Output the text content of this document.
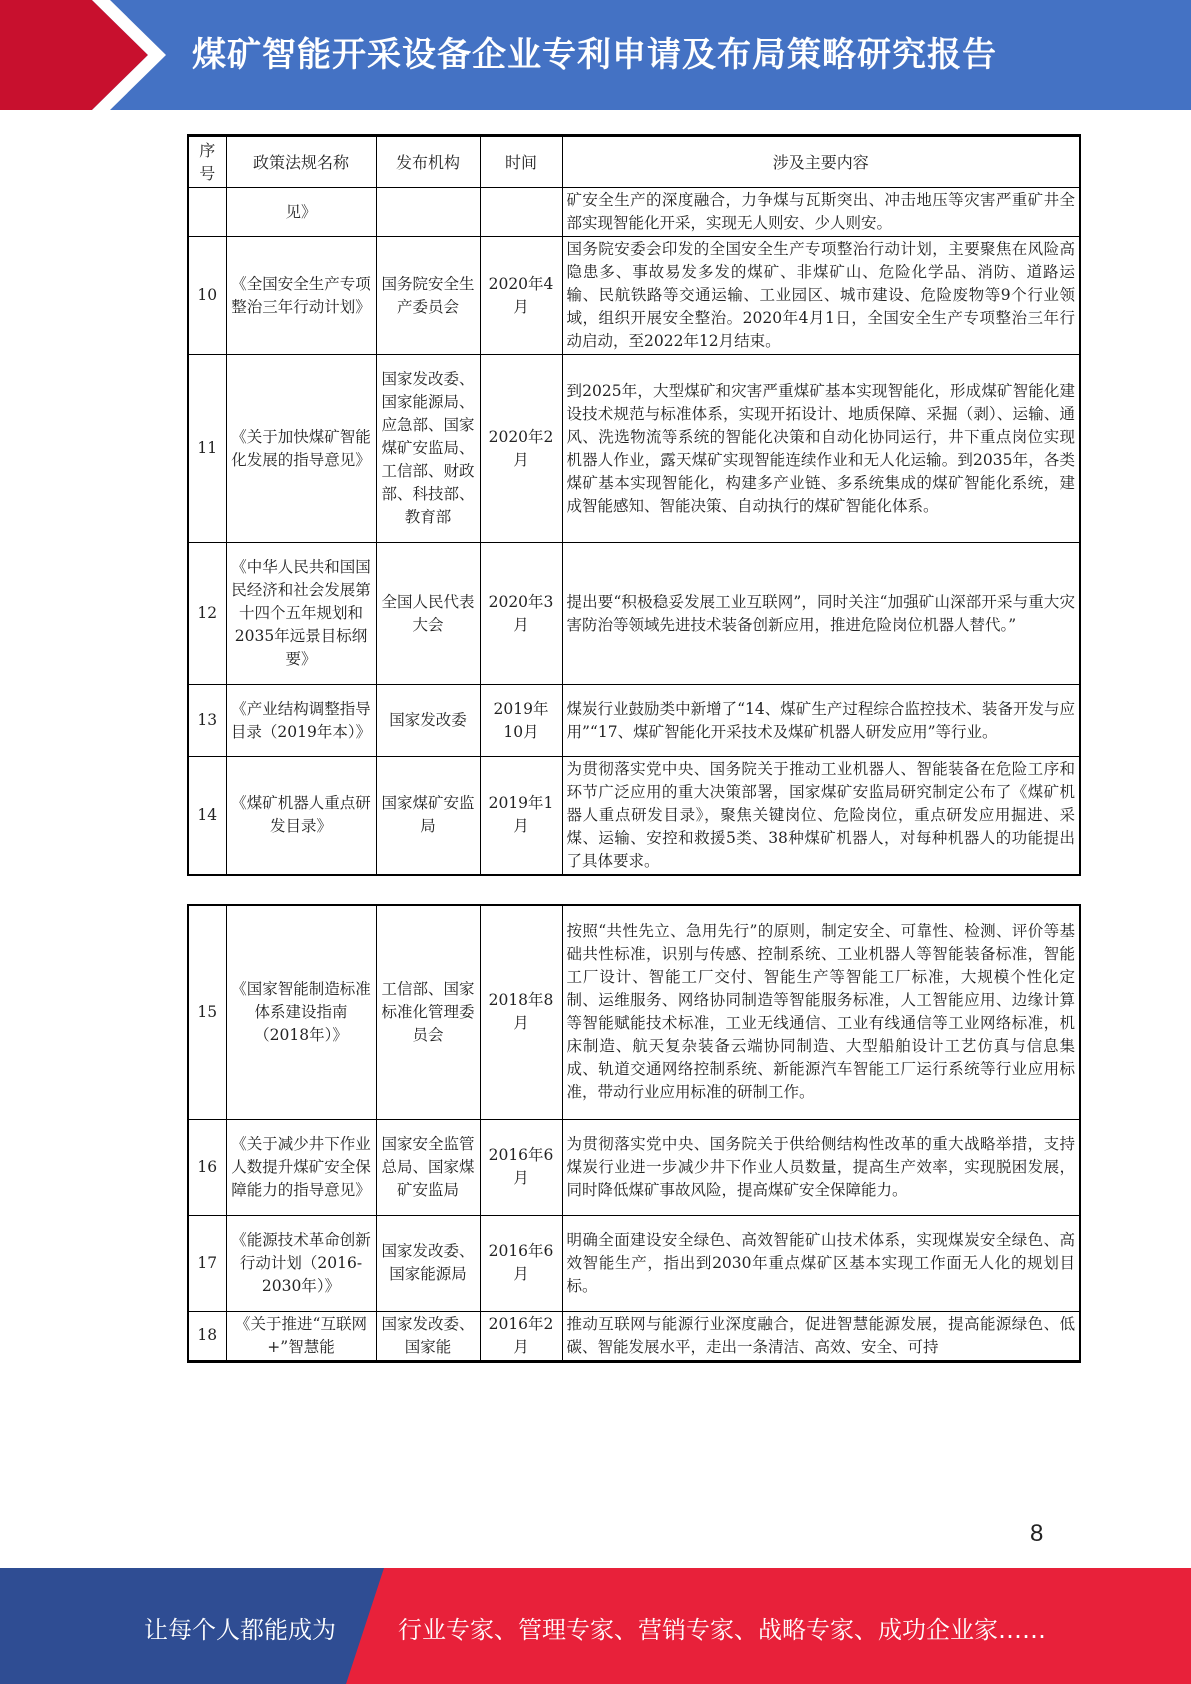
煤矿智能开采设备企业专利申请及布局策略研究报告
序号	政策法规名称	发布机构	时间	涉及主要内容
	见》			矿安全生产的深度融合，力争煤与瓦斯突出、冲击地压等灾害严重矿井全部实现智能化开采，实现无人则安、少人则安。
10	《全国安全生产专项整治三年行动计划》	国务院安全生产委员会	2020年4月	国务院安委会印发的全国安全生产专项整治行动计划，主要聚焦在风险高隐患多、事故易发多发的煤矿、非煤矿山、危险化学品、消防、道路运输、民航铁路等交通运输、工业园区、城市建设、危险废物等9个行业领域，组织开展安全整治。2020年4月1日，全国安全生产专项整治三年行动启动，至2022年12月结束。
11	《关于加快煤矿智能化发展的指导意见》	国家发改委、国家能源局、应急部、国家煤矿安监局、工信部、财政部、科技部、教育部	2020年2月	到2025年，大型煤矿和灾害严重煤矿基本实现智能化，形成煤矿智能化建设技术规范与标准体系，实现开拓设计、地质保障、采掘（剥）、运输、通风、洗选物流等系统的智能化决策和自动化协同运行，井下重点岗位实现机器人作业，露天煤矿实现智能连续作业和无人化运输。到2035年，各类煤矿基本实现智能化，构建多产业链、多系统集成的煤矿智能化系统，建成智能感知、智能决策、自动执行的煤矿智能化体系。
12	《中华人民共和国国民经济和社会发展第十四个五年规划和2035年远景目标纲要》	全国人民代表大会	2020年3月	提出要“积极稳妥发展工业互联网”，同时关注“加强矿山深部开采与重大灾害防治等领域先进技术装备创新应用，推进危险岗位机器人替代。”
13	《产业结构调整指导目录（2019年本）》	国家发改委	2019年10月	煤炭行业鼓励类中新增了“14、煤矿生产过程综合监控技术、装备开发与应用”“17、煤矿智能化开采技术及煤矿机器人研发应用”等行业。
14	《煤矿机器人重点研发目录》	国家煤矿安监局	2019年1月	为贯彻落实党中央、国务院关于推动工业机器人、智能装备在危险工序和环节广泛应用的重大决策部署，国家煤矿安监局研究制定公布了《煤矿机器人重点研发目录》，聚焦关键岗位、危险岗位，重点研发应用掘进、采煤、运输、安控和救援5类、38种煤矿机器人，对每种机器人的功能提出了具体要求。
15	《国家智能制造标准体系建设指南（2018年）》	工信部、国家标准化管理委员会	2018年8月	按照“共性先立、急用先行”的原则，制定安全、可靠性、检测、评价等基础共性标准，识别与传感、控制系统、工业机器人等智能装备标准，智能工厂设计、智能工厂交付、智能生产等智能工厂标准，大规模个性化定制、运维服务、网络协同制造等智能服务标准，人工智能应用、边缘计算等智能赋能技术标准，工业无线通信、工业有线通信等工业网络标准，机床制造、航天复杂装备云端协同制造、大型船舶设计工艺仿真与信息集成、轨道交通网络控制系统、新能源汽车智能工厂运行系统等行业应用标准，带动行业应用标准的研制工作。
16	《关于减少井下作业人数提升煤矿安全保障能力的指导意见》	国家安全监管总局、国家煤矿安监局	2016年6月	为贯彻落实党中央、国务院关于供给侧结构性改革的重大战略举措，支持煤炭行业进一步减少井下作业人员数量，提高生产效率，实现脱困发展，同时降低煤矿事故风险，提高煤矿安全保障能力。
17	《能源技术革命创新行动计划（2016-2030年）》	国家发改委、国家能源局	2016年6月	明确全面建设安全绿色、高效智能矿山技术体系，实现煤炭安全绿色、高效智能生产，指出到2030年重点煤矿区基本实现工作面无人化的规划目标。
18	《关于推进“互联网+”智慧能	国家发改委、国家能	2016年2月	推动互联网与能源行业深度融合，促进智慧能源发展，提高能源绿色、低碳、智能发展水平，走出一条清洁、高效、安全、可持
8
让每个人都能成为	行业专家、管理专家、营销专家、战略专家、成功企业家……
